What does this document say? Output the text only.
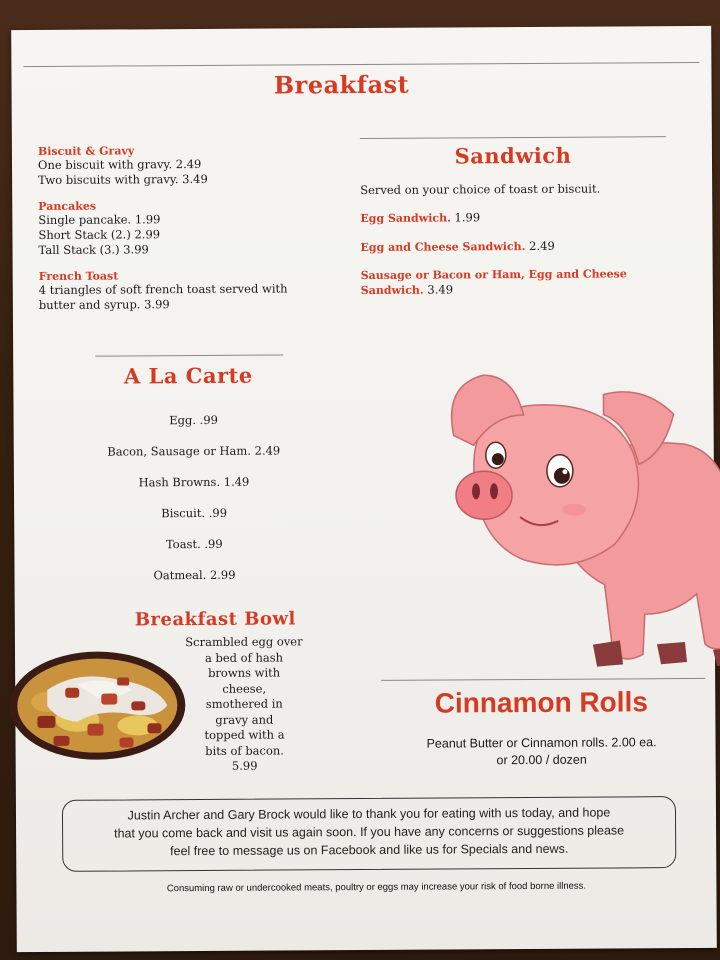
Breakfast
Biscuit & Gravy
One biscuit with gravy. 2.49
Two biscuits with gravy. 3.49
Pancakes
Single pancake. 1.99
Short Stack (2.) 2.99
Tall Stack (3.) 3.99
French Toast
4 triangles of soft french toast served with
butter and syrup. 3.99
Sandwich
Served on your choice of toast or biscuit.
Egg Sandwich. 1.99
Egg and Cheese Sandwich. 2.49
Sausage or Bacon or Ham, Egg and Cheese
Sandwich. 3.49
A La Carte
Egg. .99
Bacon, Sausage or Ham. 2.49
Hash Browns. 1.49
Biscuit. .99
Toast. .99
Oatmeal. 2.99
Breakfast Bowl
Scrambled egg over
a bed of hash
browns with
cheese,
smothered in
gravy and
topped with a
bits of bacon.
5.99
Cinnamon Rolls
Peanut Butter or Cinnamon rolls. 2.00 ea.
or 20.00 / dozen
Justin Archer and Gary Brock would like to thank you for eating with us today, and hope
that you come back and visit us again soon. If you have any concerns or suggestions please
feel free to message us on Facebook and like us for Specials and news.
Consuming raw or undercooked meats, poultry or eggs may increase your risk of food borne illness.
